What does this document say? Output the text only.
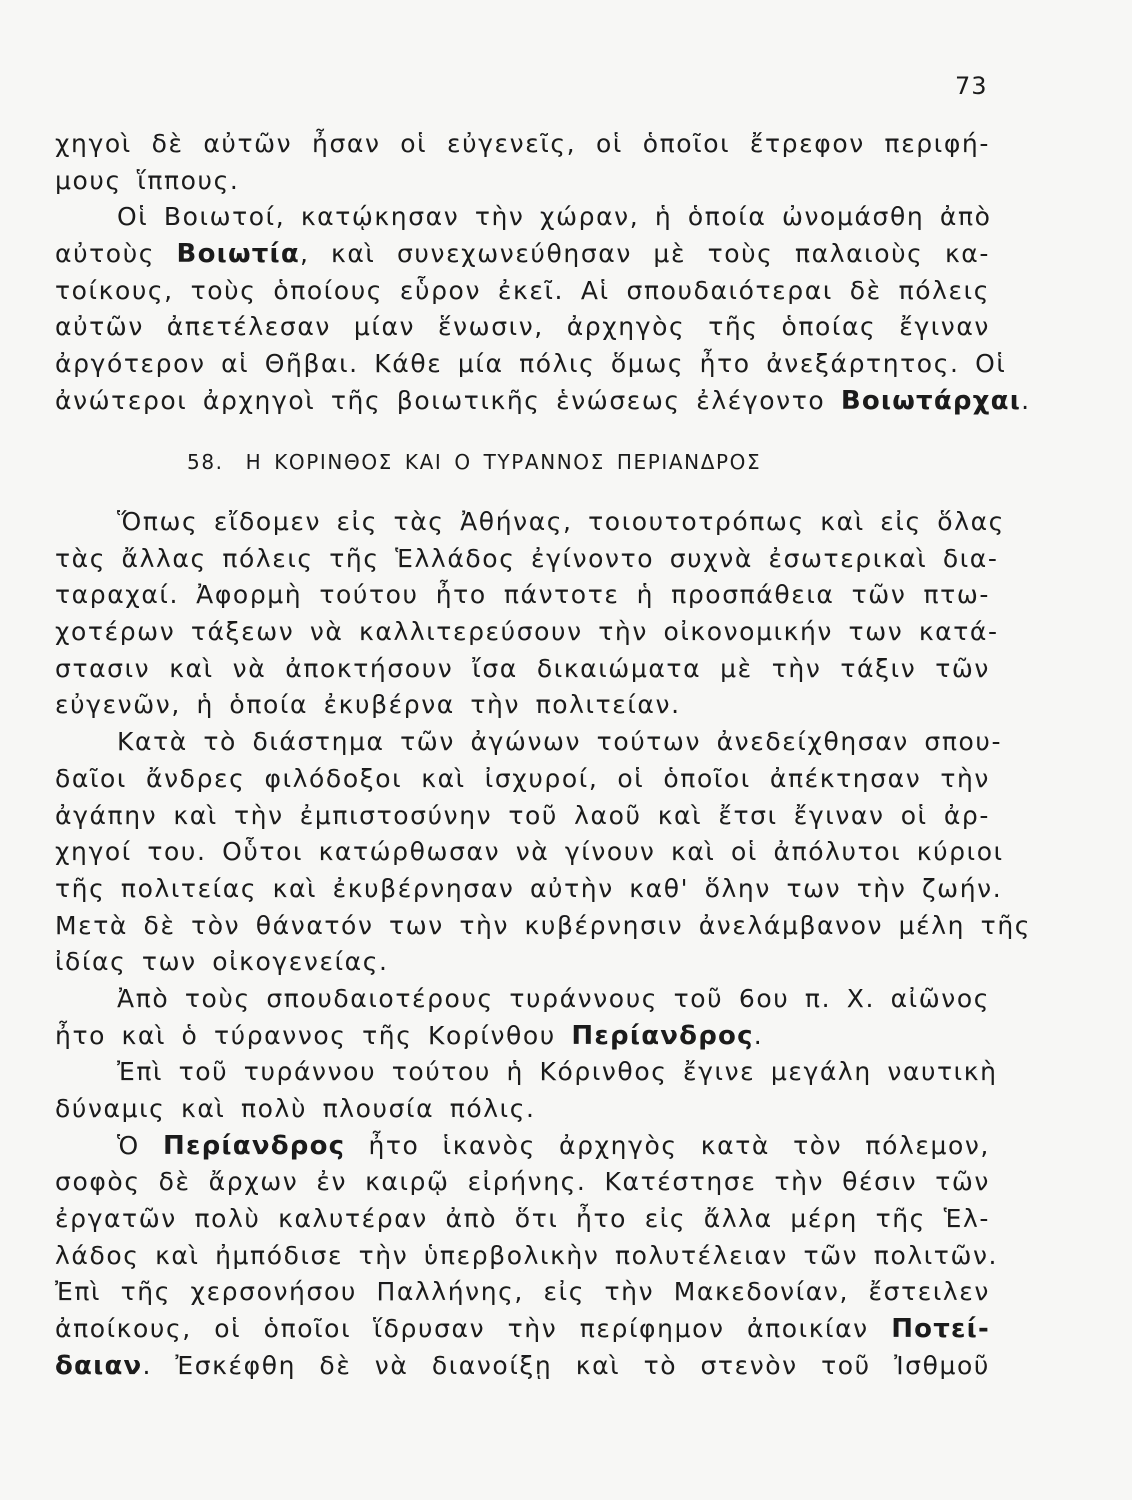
73
χηγοὶ δὲ αὐτῶν ἦσαν οἱ εὐγενεῖς, οἱ ὁποῖοι ἔτρεφον περιφή-
μους ἵππους.
Οἱ Βοιωτοί, κατῴκησαν τὴν χώραν, ἡ ὁποία ὠνομάσθη ἀπὸ
αὐτοὺς Βοιωτία, καὶ συνεχωνεύθησαν μὲ τοὺς παλαιοὺς κα-
τοίκους, τοὺς ὁποίους εὗρον ἐκεῖ. Αἱ σπουδαιότεραι δὲ πόλεις
αὐτῶν ἀπετέλεσαν μίαν ἕνωσιν, ἀρχηγὸς τῆς ὁποίας ἔγιναν
ἀργότερον αἱ Θῆβαι. Κάθε μία πόλις ὅμως ἦτο ἀνεξάρτητος. Οἱ
ἀνώτεροι ἀρχηγοὶ τῆς βοιωτικῆς ἑνώσεως ἐλέγοντο Βοιωτάρχαι.
58. Η ΚΟΡΙΝΘΟΣ ΚΑΙ Ο ΤΥΡΑΝΝΟΣ ΠΕΡΙΑΝΔΡΟΣ
Ὅπως εἴδομεν εἰς τὰς Ἀθήνας, τοιουτοτρόπως καὶ εἰς ὅλας
τὰς ἄλλας πόλεις τῆς Ἑλλάδος ἐγίνοντο συχνὰ ἐσωτερικαὶ δια-
ταραχαί. Ἀφορμὴ τούτου ἦτο πάντοτε ἡ προσπάθεια τῶν πτω-
χοτέρων τάξεων νὰ καλλιτερεύσουν τὴν οἰκονομικήν των κατά-
στασιν καὶ νὰ ἀποκτήσουν ἴσα δικαιώματα μὲ τὴν τάξιν τῶν
εὐγενῶν, ἡ ὁποία ἐκυβέρνα τὴν πολιτείαν.
Κατὰ τὸ διάστημα τῶν ἀγώνων τούτων ἀνεδείχθησαν σπου-
δαῖοι ἄνδρες φιλόδοξοι καὶ ἰσχυροί, οἱ ὁποῖοι ἀπέκτησαν τὴν
ἀγάπην καὶ τὴν ἐμπιστοσύνην τοῦ λαοῦ καὶ ἔτσι ἔγιναν οἱ ἀρ-
χηγοί του. Οὗτοι κατώρθωσαν νὰ γίνουν καὶ οἱ ἀπόλυτοι κύριοι
τῆς πολιτείας καὶ ἐκυβέρνησαν αὐτὴν καθ' ὅλην των τὴν ζωήν.
Μετὰ δὲ τὸν θάνατόν των τὴν κυβέρνησιν ἀνελάμβανον μέλη τῆς
ἰδίας των οἰκογενείας.
Ἀπὸ τοὺς σπουδαιοτέρους τυράννους τοῦ 6ου π. Χ. αἰῶνος
ἦτο καὶ ὁ τύραννος τῆς Κορίνθου Περίανδρος.
Ἐπὶ τοῦ τυράννου τούτου ἡ Κόρινθος ἔγινε μεγάλη ναυτικὴ
δύναμις καὶ πολὺ πλουσία πόλις.
Ὁ Περίανδρος ἦτο ἱκανὸς ἀρχηγὸς κατὰ τὸν πόλεμον,
σοφὸς δὲ ἄρχων ἐν καιρῷ εἰρήνης. Κατέστησε τὴν θέσιν τῶν
ἐργατῶν πολὺ καλυτέραν ἀπὸ ὅτι ἦτο εἰς ἄλλα μέρη τῆς Ἑλ-
λάδος καὶ ἠμπόδισε τὴν ὑπερβολικὴν πολυτέλειαν τῶν πολιτῶν.
Ἐπὶ τῆς χερσονήσου Παλλήνης, εἰς τὴν Μακεδονίαν, ἔστειλεν
ἀποίκους, οἱ ὁποῖοι ἵδρυσαν τὴν περίφημον ἀποικίαν Ποτεί-
δαιαν. Ἐσκέφθη δὲ νὰ διανοίξῃ καὶ τὸ στενὸν τοῦ Ἰσθμοῦ
